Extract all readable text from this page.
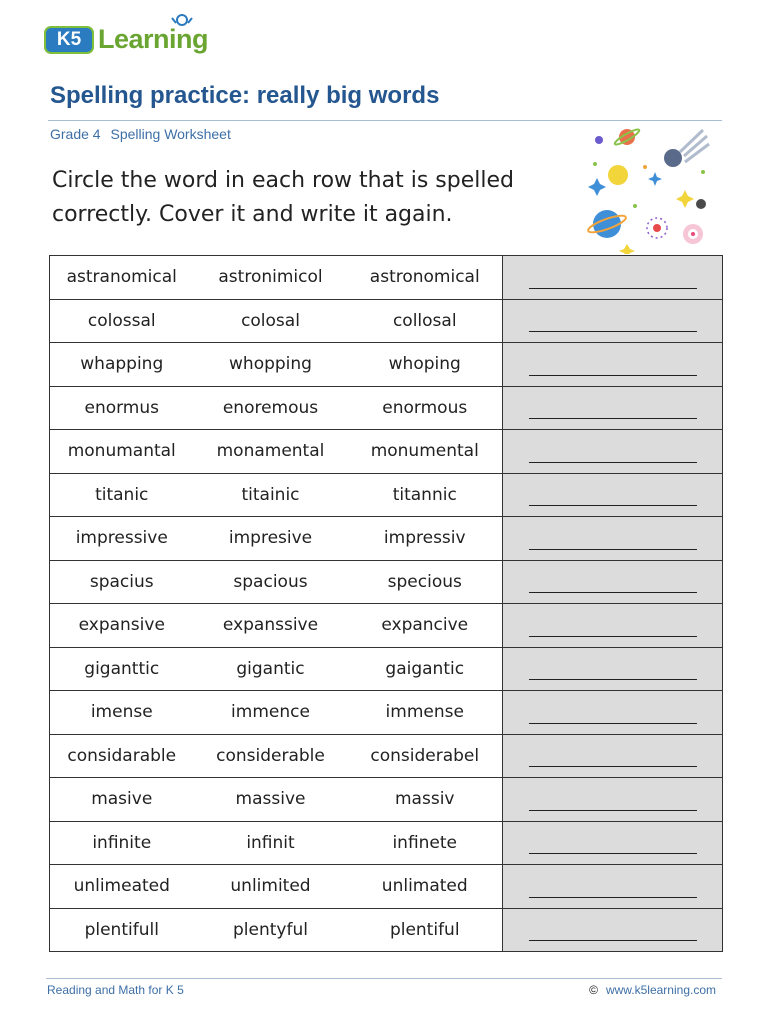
K5 Learning
Spelling practice: really big words
Grade 4 Spelling Worksheet
Circle the word in each row that is spelled correctly. Cover it and write it again.
astranomical	astronimicol	astronomical	

colossal	colosal	collosal	

whapping	whopping	whoping	

enormus	enoremous	enormous	

monumantal	monamental	monumental	

titanic	titainic	titannic	

impressive	impresive	impressiv	

spacius	spacious	specious	

expansive	expanssive	expancive	

giganttic	gigantic	gaigantic	

imense	immence	immense	

considarable	considerable	considerabel	

masive	massive	massiv	

infinite	infinit	infinete	

unlimeated	unlimited	unlimated	

plentifull	plentyful	plentiful	
Reading and Math for K 5	© www.k5learning.com
